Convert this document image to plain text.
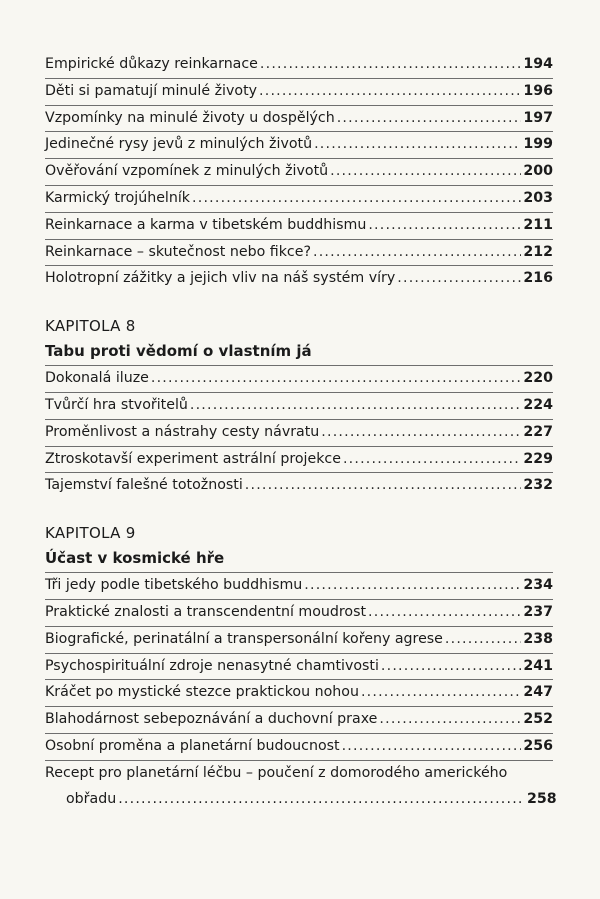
Empirické důkazy reinkarnace .....	194
Děti si pamatují minulé životy .....	196
Vzpomínky na minulé životy u dospělých .....	197
Jedinečné rysy jevů z minulých životů .....	199
Ověřování vzpomínek z minulých životů .....	200
Karmický trojúhelník .....	203
Reinkarnace a karma v tibetském buddhismu .....	211
Reinkarnace – skutečnost nebo fikce? .....	212
Holotropní zážitky a jejich vliv na náš systém víry .....	216
KAPITOLA 8
Tabu proti vědomí o vlastním já
Dokonalá iluze .....	220
Tvůrčí hra stvořitelů .....	224
Proměnlivost a nástrahy cesty návratu .....	227
Ztroskotavší experiment astrální projekce .....	229
Tajemství falešné totožnosti .....	232
KAPITOLA 9
Účast v kosmické hře
Tři jedy podle tibetského buddhismu .....	234
Praktické znalosti a transcendentní moudrost .....	237
Biografické, perinatální a transpersonální kořeny agrese .....	238
Psychospirituální zdroje nenasytné chamtivosti .....	241
Kráčet po mystické stezce praktickou nohou .....	247
Blahodárnost sebepoznávání a duchovní praxe .....	252
Osobní proměna a planetární budoucnost .....	256
Recept pro planetární léčbu – poučení z domorodého amerického
obřadu .....	258
